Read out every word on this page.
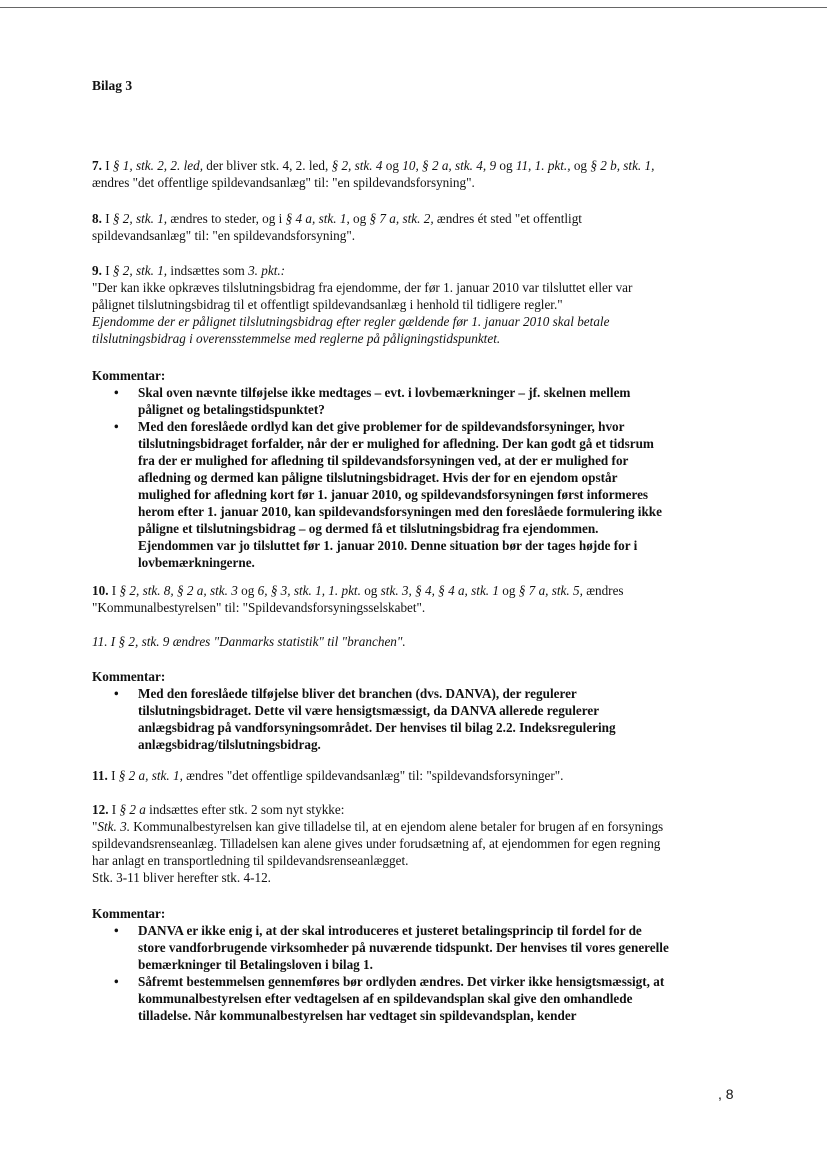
Bilag 3

7. I § 1, stk. 2, 2. led, der bliver stk. 4, 2. led, § 2, stk. 4 og 10, § 2 a, stk. 4, 9 og 11, 1. pkt., og § 2 b, stk. 1,

ændres "det offentlige spildevandsanlæg" til: "en spildevandsforsyning".

8. I § 2, stk. 1, ændres to steder, og i § 4 a, stk. 1, og § 7 a, stk. 2, ændres ét sted "et offentligt

spildevandsanlæg" til: "en spildevandsforsyning".

9. I § 2, stk. 1, indsættes som 3. pkt.:

"Der kan ikke opkræves tilslutningsbidrag fra ejendomme, der før 1. januar 2010 var tilsluttet eller var

pålignet tilslutningsbidrag til et offentligt spildevandsanlæg i henhold til tidligere regler."

Ejendomme der er pålignet tilslutningsbidrag efter regler gældende før 1. januar 2010 skal betale

tilslutningsbidrag i overensstemmelse med reglerne på påligningstidspunktet.

Kommentar:

• Skal oven nævnte tilføjelse ikke medtages – evt. i lovbemærkninger – jf. skelnen mellem
pålignet og betalingstidspunktet?
• Med den foreslåede ordlyd kan det give problemer for de spildevandsforsyninger, hvor
tilslutningsbidraget forfalder, når der er mulighed for afledning. Der kan godt gå et tidsrum
fra der er mulighed for afledning til spildevandsforsyningen ved, at der er mulighed for
afledning og dermed kan påligne tilslutningsbidraget. Hvis der for en ejendom opstår
mulighed for afledning kort før 1. januar 2010, og spildevandsforsyningen først informeres
herom efter 1. januar 2010, kan spildevandsforsyningen med den foreslåede formulering ikke
påligne et tilslutningsbidrag – og dermed få et tilslutningsbidrag fra ejendommen.
Ejendommen var jo tilsluttet før 1. januar 2010. Denne situation bør der tages højde for i
lovbemærkningerne.

10. I § 2, stk. 8, § 2 a, stk. 3 og 6, § 3, stk. 1, 1. pkt. og stk. 3, § 4, § 4 a, stk. 1 og § 7 a, stk. 5, ændres

"Kommunalbestyrelsen" til: "Spildevandsforsyningsselskabet".

11. I § 2, stk. 9 ændres "Danmarks statistik" til "branchen".

Kommentar:

• Med den foreslåede tilføjelse bliver det branchen (dvs. DANVA), der regulerer
tilslutningsbidraget. Dette vil være hensigtsmæssigt, da DANVA allerede regulerer
anlægsbidrag på vandforsyningsområdet. Der henvises til bilag 2.2. Indeksregulering
anlægsbidrag/tilslutningsbidrag.

11. I § 2 a, stk. 1, ændres "det offentlige spildevandsanlæg" til: "spildevandsforsyninger".

12. I § 2 a indsættes efter stk. 2 som nyt stykke:

"Stk. 3. Kommunalbestyrelsen kan give tilladelse til, at en ejendom alene betaler for brugen af en forsynings

spildevandsrenseanlæg. Tilladelsen kan alene gives under forudsætning af, at ejendommen for egen regning

har anlagt en transportledning til spildevandsrenseanlægget.

Stk. 3-11 bliver herefter stk. 4-12.

Kommentar:

• DANVA er ikke enig i, at der skal introduceres et justeret betalingsprincip til fordel for de
store vandforbrugende virksomheder på nuværende tidspunkt. Der henvises til vores generelle
bemærkninger til Betalingsloven i bilag 1.
• Såfremt bestemmelsen gennemføres bør ordlyden ændres. Det virker ikke hensigtsmæssigt, at
kommunalbestyrelsen efter vedtagelsen af en spildevandsplan skal give den omhandlede
tilladelse. Når kommunalbestyrelsen har vedtaget sin spildevandsplan, kender
, 8
